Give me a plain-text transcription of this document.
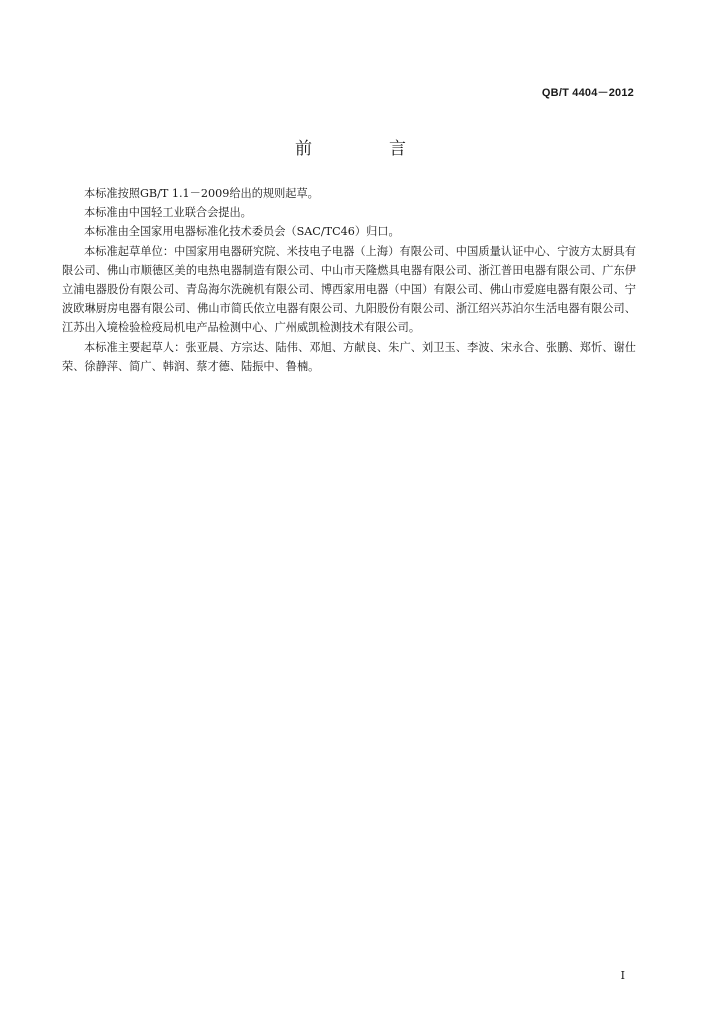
QB/T 4404－2012
前　言

本标准按照GB/T 1.1－2009给出的规则起草。

本标准由中国轻工业联合会提出。

本标准由全国家用电器标准化技术委员会（SAC/TC46）归口。

本标准起草单位：中国家用电器研究院、米技电子电器（上海）有限公司、中国质量认证中心、宁波方太厨具有限公司、佛山市顺德区美的电热电器制造有限公司、中山市天隆燃具电器有限公司、浙江普田电器有限公司、广东伊立浦电器股份有限公司、青岛海尔洗碗机有限公司、博西家用电器（中国）有限公司、佛山市爱庭电器有限公司、宁波欧琳厨房电器有限公司、佛山市简氏依立电器有限公司、九阳股份有限公司、浙江绍兴苏泊尔生活电器有限公司、江苏出入境检验检疫局机电产品检测中心、广州威凯检测技术有限公司。

本标准主要起草人：张亚晨、方宗达、陆伟、邓旭、方献良、朱广、刘卫玉、李波、宋永合、张鹏、郑忻、谢仕荣、徐静萍、简广、韩润、蔡才德、陆振中、鲁楠。

I
